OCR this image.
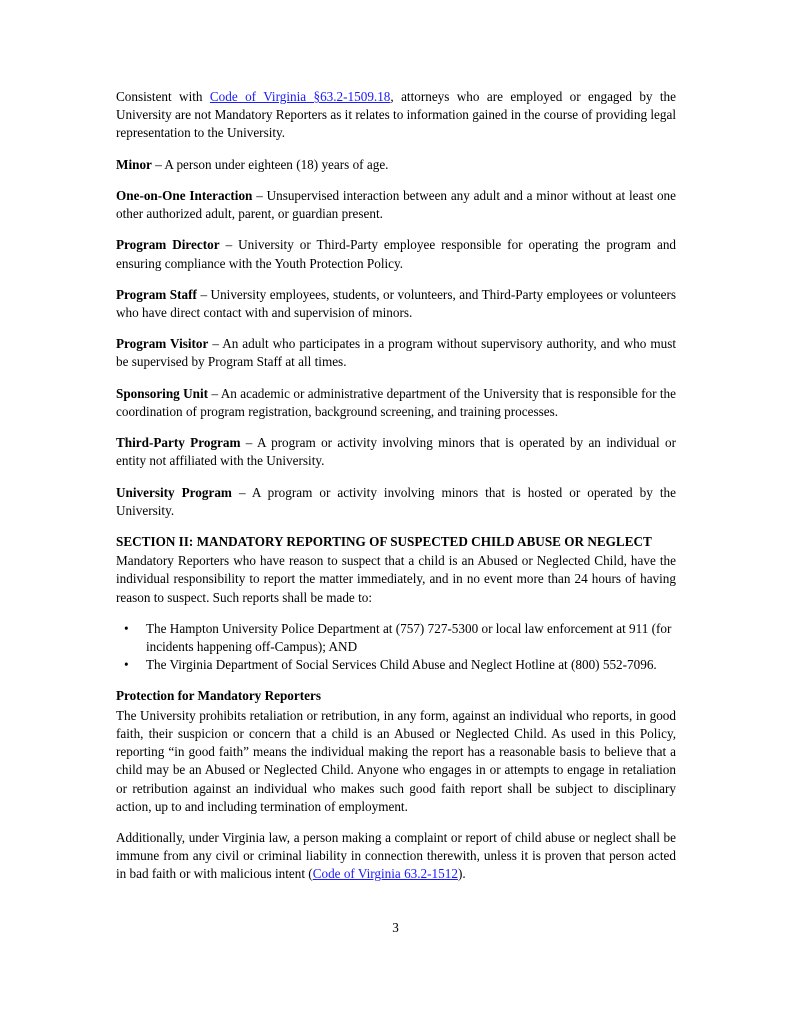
Consistent with Code of Virginia §63.2-1509.18, attorneys who are employed or engaged by the University are not Mandatory Reporters as it relates to information gained in the course of providing legal representation to the University.

Minor – A person under eighteen (18) years of age.

One-on-One Interaction – Unsupervised interaction between any adult and a minor without at least one other authorized adult, parent, or guardian present.

Program Director – University or Third-Party employee responsible for operating the program and ensuring compliance with the Youth Protection Policy.

Program Staff – University employees, students, or volunteers, and Third-Party employees or volunteers who have direct contact with and supervision of minors.

Program Visitor – An adult who participates in a program without supervisory authority, and who must be supervised by Program Staff at all times.

Sponsoring Unit – An academic or administrative department of the University that is responsible for the coordination of program registration, background screening, and training processes.

Third-Party Program – A program or activity involving minors that is operated by an individual or entity not affiliated with the University.

University Program – A program or activity involving minors that is hosted or operated by the University.

SECTION II: MANDATORY REPORTING OF SUSPECTED CHILD ABUSE OR NEGLECT

Mandatory Reporters who have reason to suspect that a child is an Abused or Neglected Child, have the individual responsibility to report the matter immediately, and in no event more than 24 hours of having reason to suspect. Such reports shall be made to:

• The Hampton University Police Department at (757) 727-5300 or local law enforcement at 911 (for incidents happening off-Campus); AND
• The Virginia Department of Social Services Child Abuse and Neglect Hotline at (800) 552-7096.

Protection for Mandatory Reporters

The University prohibits retaliation or retribution, in any form, against an individual who reports, in good faith, their suspicion or concern that a child is an Abused or Neglected Child. As used in this Policy, reporting “in good faith” means the individual making the report has a reasonable basis to believe that a child may be an Abused or Neglected Child. Anyone who engages in or attempts to engage in retaliation or retribution against an individual who makes such good faith report shall be subject to disciplinary action, up to and including termination of employment.

Additionally, under Virginia law, a person making a complaint or report of child abuse or neglect shall be immune from any civil or criminal liability in connection therewith, unless it is proven that person acted in bad faith or with malicious intent (Code of Virginia 63.2-1512).

3
